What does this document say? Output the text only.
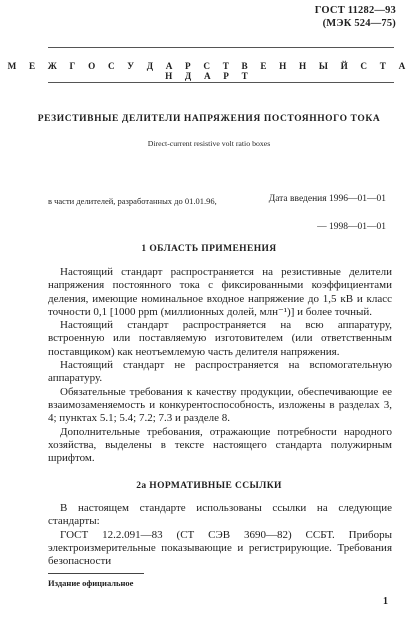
ГОСТ 11282—93
(МЭК 524—75)
М Е Ж Г О С У Д А Р С Т В Е Н Н Ы Й С Т А Н Д А Р Т
РЕЗИСТИВНЫЕ ДЕЛИТЕЛИ НАПРЯЖЕНИЯ ПОСТОЯННОГО ТОКА
Direct-current resistive volt ratio boxes
Дата введения 1996—01—01
— 1998—01—01
в части делителей, разработанных до 01.01.96,
1 ОБЛАСТЬ ПРИМЕНЕНИЯ

Настоящий стандарт распространяется на резистивные делители напряжения постоянного тока с фиксированными коэффициентами деления, имеющие номинальное входное напряжение до 1,5 кВ и класс точности 0,1 [1000 ppm (миллионных долей, млн⁻¹)] и более точный.

Настоящий стандарт распространяется на всю аппаратуру, встроенную или поставляемую изготовителем (или ответственным поставщиком) как неотъемлемую часть делителя напряжения.

Настоящий стандарт не распространяется на вспомогательную аппаратуру.

Обязательные требования к качеству продукции, обеспечивающие ее взаимозаменяемость и конкурентоспособность, изложены в разделах 3, 4; пунктах 5.1; 5.4; 7.2; 7.3 и разделе 8.

Дополнительные требования, отражающие потребности народного хозяйства, выделены в тексте настоящего стандарта полужирным шрифтом.

2а НОРМАТИВНЫЕ ССЫЛКИ

В настоящем стандарте использованы ссылки на следующие стандарты:

ГОСТ 12.2.091—83 (СТ СЭВ 3690—82) ССБТ. Приборы электроизмерительные показывающие и регистрирующие. Требования безопасности

Издание официальное
1
